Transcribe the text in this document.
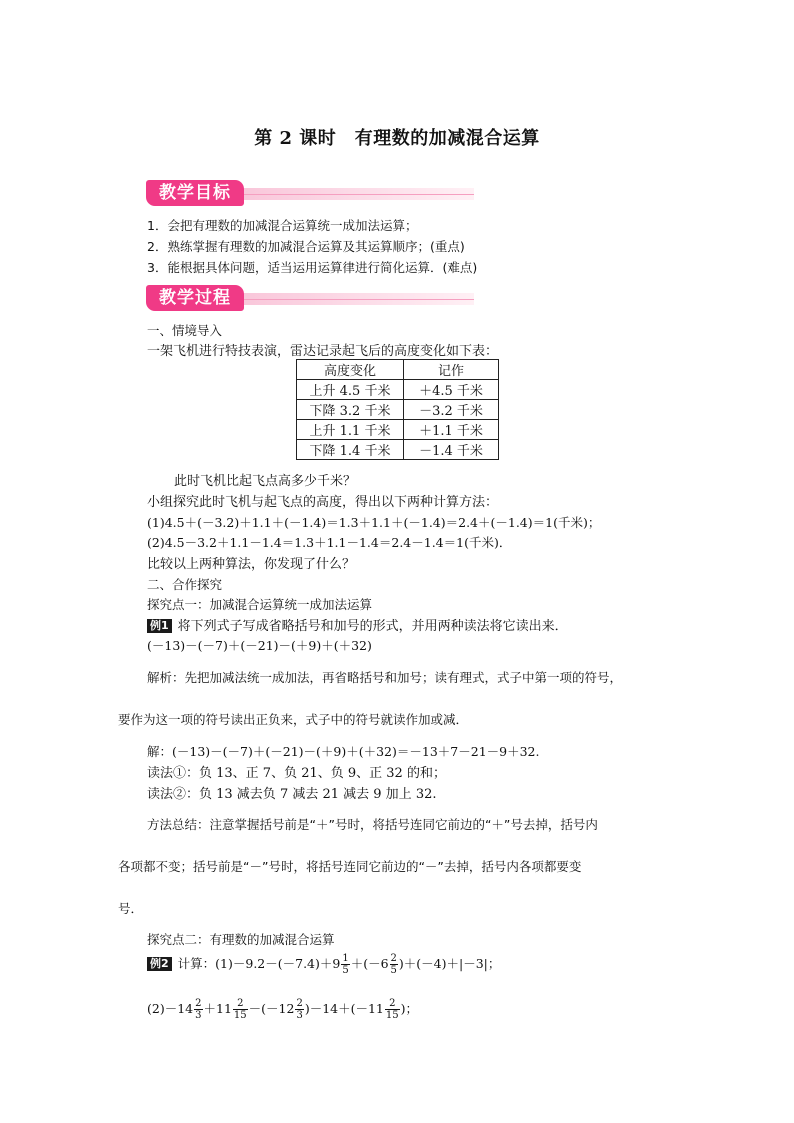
第 2 课时　有理数的加减混合运算
教学目标
1．会把有理数的加减混合运算统一成加法运算；
2．熟练掌握有理数的加减混合运算及其运算顺序；(重点)
3．能根据具体问题，适当运用运算律进行简化运算．(难点)
教学过程
一、情境导入
一架飞机进行特技表演，雷达记录起飞后的高度变化如下表：
高度变化	记作
上升 4.5 千米	＋4.5 千米
下降 3.2 千米	－3.2 千米
上升 1.1 千米	＋1.1 千米
下降 1.4 千米	－1.4 千米
此时飞机比起飞点高多少千米？
小组探究此时飞机与起飞点的高度，得出以下两种计算方法：
(1)4.5＋(－3.2)＋1.1＋(－1.4)＝1.3＋1.1＋(－1.4)＝2.4＋(－1.4)＝1(千米)；
(2)4.5－3.2＋1.1－1.4＝1.3＋1.1－1.4＝2.4－1.4＝1(千米)．
比较以上两种算法，你发现了什么？
二、合作探究
探究点一：加减混合运算统一成加法运算
例1 将下列式子写成省略括号和加号的形式，并用两种读法将它读出来．
(－13)－(－7)＋(－21)－(＋9)＋(＋32)
解析：先把加减法统一成加法，再省略括号和加号；读有理式，式子中第一项的符号，
要作为这一项的符号读出正负来，式子中的符号就读作加或减．
解：(－13)－(－7)＋(－21)－(＋9)＋(＋32)＝－13＋7－21－9＋32.
读法①：负 13、正 7、负 21、负 9、正 32 的和；
读法②：负 13 减去负 7 减去 21 减去 9 加上 32.
方法总结：注意掌握括号前是“＋”号时，将括号连同它前边的“＋”号去掉，括号内
各项都不变；括号前是“－”号时，将括号连同它前边的“－”去掉，括号内各项都要变
号．
探究点二：有理数的加减混合运算
例2 计算：$(1)-9.2-(-7.4)+9 \frac{1}{5} +(-6 \frac{2}{5} )+(-4)+|-3|$；
$(2)-14 \frac{2}{3} +11 \frac{2}{15} -(-12 \frac{2}{3} )-14+(-11 \frac{2}{15}$ )；
